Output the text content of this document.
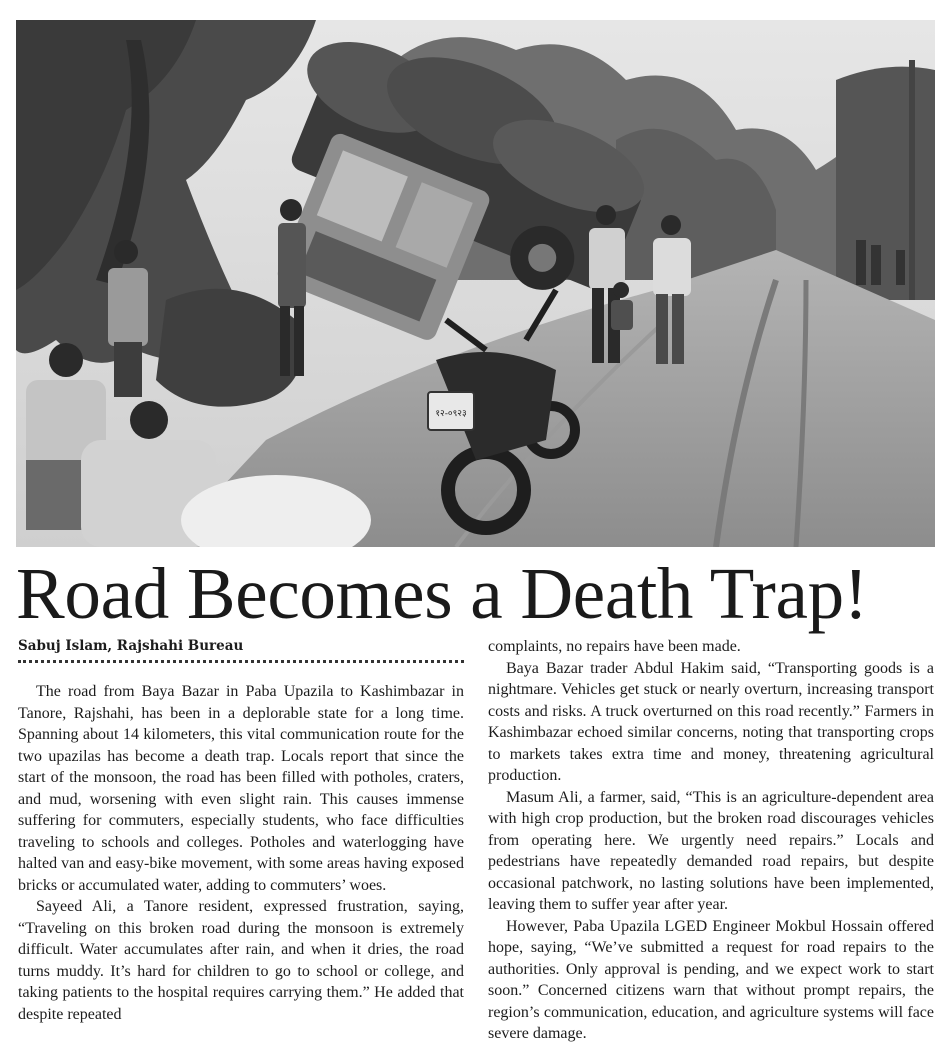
१२-०९२३
Road Becomes a Death Trap!
Sabuj Islam, Rajshahi Bureau

The road from Baya Bazar in Paba Upazila to Kashimbazar in Tanore, Rajshahi, has been in a deplorable state for a long time. Spanning about 14 kilometers, this vital communication route for the two upazilas has become a death trap. Locals report that since the start of the monsoon, the road has been filled with potholes, craters, and mud, worsening with even slight rain. This causes immense suffering for commuters, especially students, who face difficulties traveling to schools and colleges. Potholes and waterlogging have halted van and easy-bike movement, with some areas having exposed bricks or accumulated water, adding to commuters’ woes.

Sayeed Ali, a Tanore resident, expressed frustration, saying, “Traveling on this broken road during the monsoon is extremely difficult. Water accumulates after rain, and when it dries, the road turns muddy. It’s hard for children to go to school or college, and taking patients to the hospital requires carrying them.” He added that despite repeated

complaints, no repairs have been made.

Baya Bazar trader Abdul Hakim said, “Transporting goods is a nightmare. Vehicles get stuck or nearly overturn, increasing transport costs and risks. A truck overturned on this road recently.” Farmers in Kashimbazar echoed similar concerns, noting that transporting crops to markets takes extra time and money, threatening agricultural production.

Masum Ali, a farmer, said, “This is an agriculture-dependent area with high crop production, but the broken road discourages vehicles from operating here. We urgently need repairs.” Locals and pedestrians have repeatedly demanded road repairs, but despite occasional patchwork, no lasting solutions have been implemented, leaving them to suffer year after year.

However, Paba Upazila LGED Engineer Mokbul Hossain offered hope, saying, “We’ve submitted a request for road repairs to the authorities. Only approval is pending, and we expect work to start soon.” Concerned citizens warn that without prompt repairs, the region’s communication, education, and agriculture systems will face severe damage.
